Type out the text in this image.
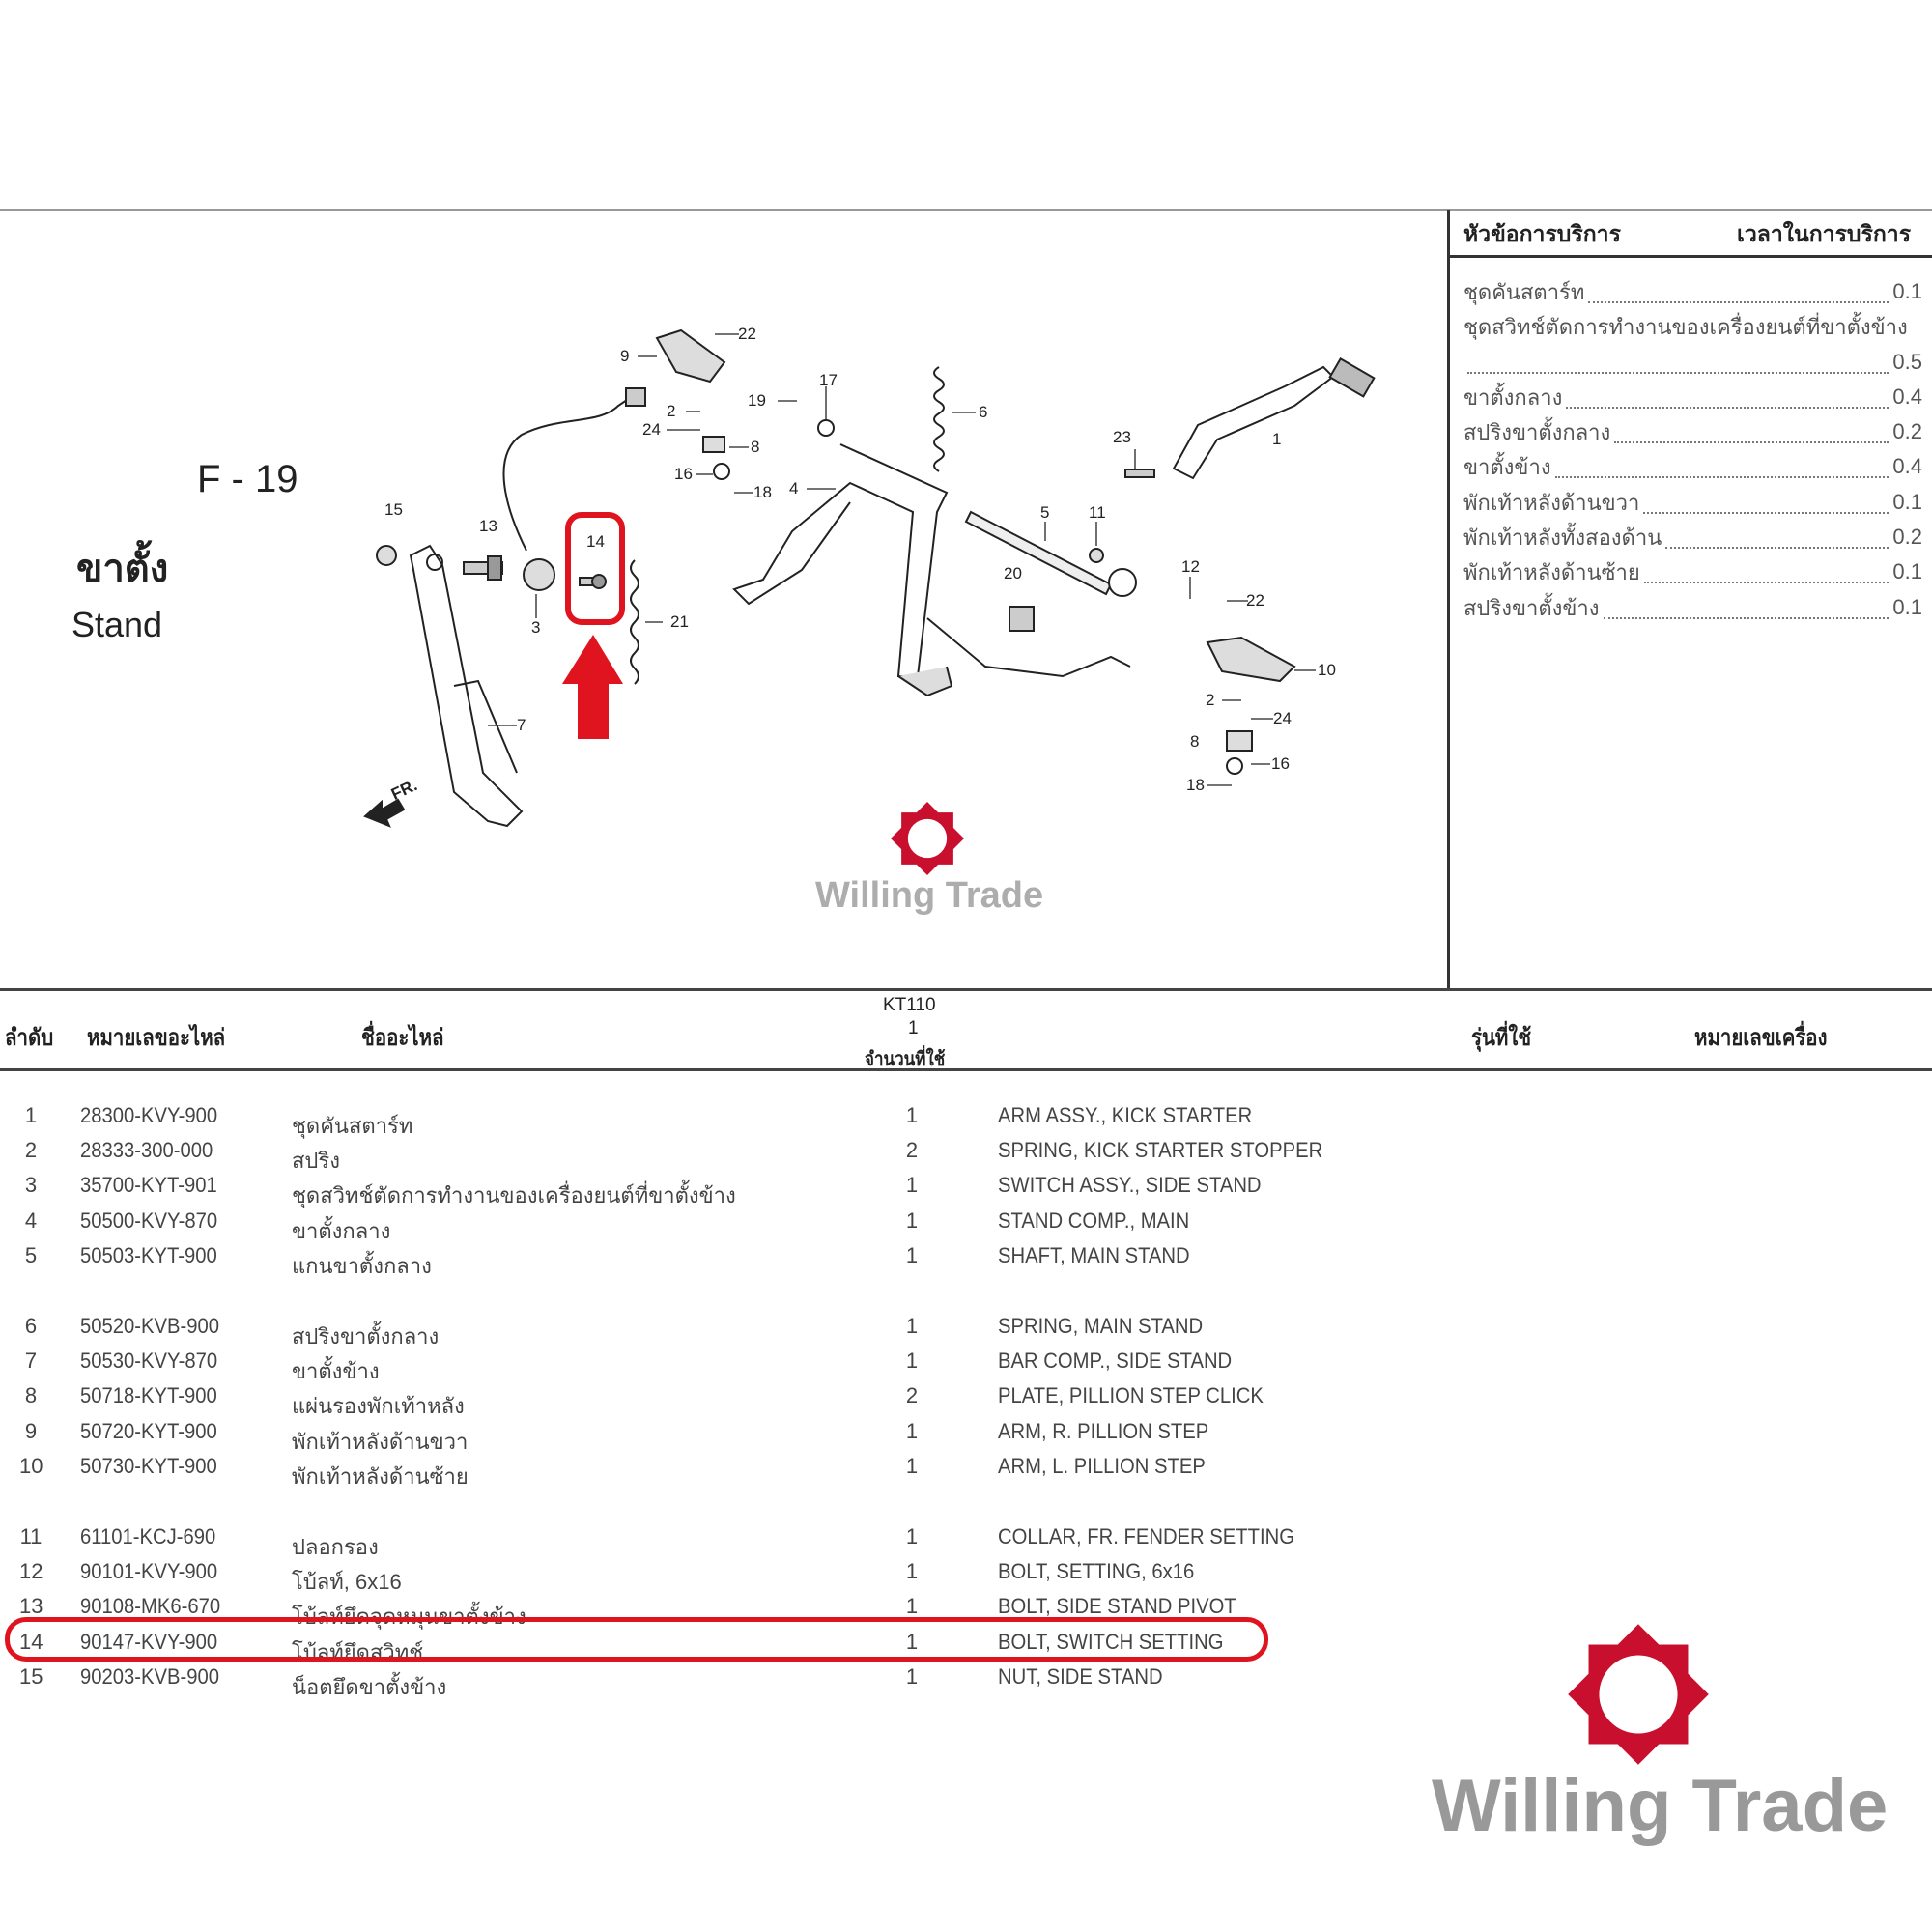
F - 19
ขาตั้ง
Stand
หัวข้อการบริการ	เวลาในการบริการ
ชุดคันสตาร์ท	0.1
ชุดสวิทช์ตัดการทำงานของเครื่องยนต์ที่ขาตั้งข้าง
0.5
ขาตั้งกลาง	0.4
สปริงขาตั้งกลาง	0.2
ขาตั้งข้าง	0.4
พักเท้าหลังด้านขวา	0.1
พักเท้าหลังทั้งสองด้าน	0.2
พักเท้าหลังด้านซ้าย	0.1
สปริงขาตั้งข้าง	0.1
22
9
17
19
2
24
8
6
23	1
16
18 4
15	5 11
13
14
12
22
20
21
3
10
7
2
24
8
16
18
FR.
Willing Trade
ลำดับ หมายเลขอะไหล่	ชื่ออะไหล่
KT110
1
จำนวนที่ใช้
รุ่นที่ใช้	หมายเลขเครื่อง
1 28300-KVY-900	ชุดคันสตาร์ท	1	ARM ASSY., KICK STARTER
2 28333-300-000	สปริง	2	SPRING, KICK STARTER STOPPER
3 35700-KYT-901	ชุดสวิทช์ตัดการทำงานของเครื่องยนต์ที่ขาตั้งข้าง	1	SWITCH ASSY., SIDE STAND
4 50500-KVY-870	ขาตั้งกลาง	1	STAND COMP., MAIN
5 50503-KYT-900	แกนขาตั้งกลาง	1	SHAFT, MAIN STAND
6 50520-KVB-900	สปริงขาตั้งกลาง	1	SPRING, MAIN STAND
7 50530-KVY-870	ขาตั้งข้าง	1	BAR COMP., SIDE STAND
8 50718-KYT-900	แผ่นรองพักเท้าหลัง	2	PLATE, PILLION STEP CLICK
9 50720-KYT-900	พักเท้าหลังด้านขวา	1	ARM, R. PILLION STEP
10 50730-KYT-900	พักเท้าหลังด้านซ้าย	1	ARM, L. PILLION STEP
11 61101-KCJ-690	ปลอกรอง	1	COLLAR, FR. FENDER SETTING
12 90101-KVY-900	โบ้ลท์, 6x16	1	BOLT, SETTING, 6x16
13 90108-MK6-670	โบ้ลท์ยึดจุดหมุนขาตั้งข้าง	1	BOLT, SIDE STAND PIVOT
14 90147-KVY-900	โบ้ลท์ยึดสวิทช์	1	BOLT, SWITCH SETTING
15 90203-KVB-900	น็อตยึดขาตั้งข้าง	1	NUT, SIDE STAND
Willing Trade
